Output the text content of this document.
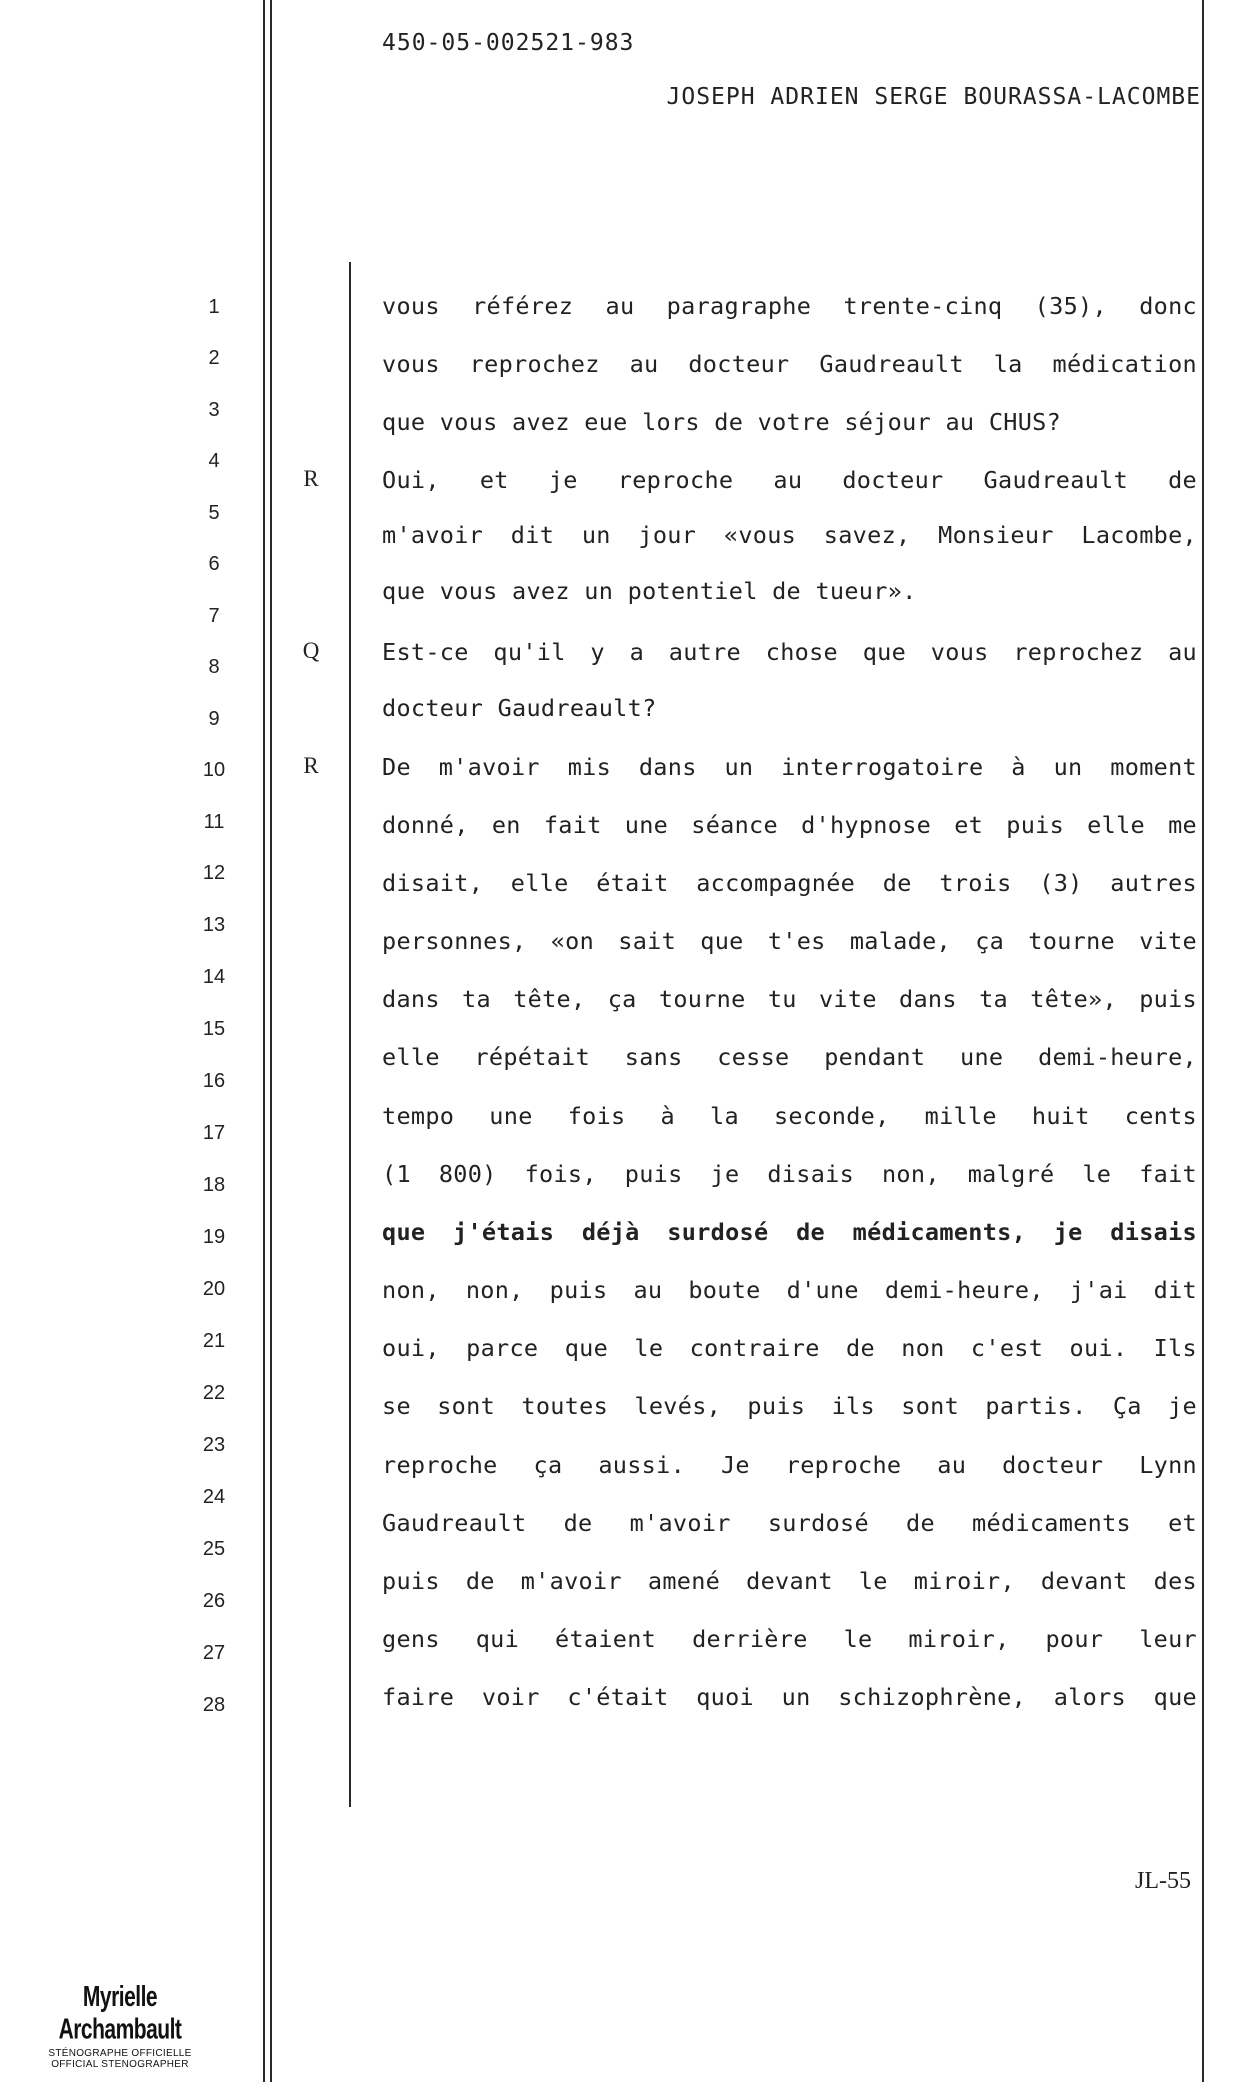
450-05-002521-983
JOSEPH ADRIEN SERGE BOURASSA-LACOMBE
1
2
3
4
5
6
7
8
9
10
11
12
13
14
15
16
17
18
19
20
21
22
23
24
25
26
27
28
R
Q
R
vous référez au paragraphe trente-cinq (35), donc
vous reprochez au docteur Gaudreault la médication
que vous avez eue lors de votre séjour au CHUS?
Oui, et je reproche au docteur Gaudreault de
m'avoir dit un jour «vous savez, Monsieur Lacombe,
que vous avez un potentiel de tueur».
Est-ce qu'il y a autre chose que vous reprochez au
docteur Gaudreault?
De m'avoir mis dans un interrogatoire à un moment
donné, en fait une séance d'hypnose et puis elle me
disait, elle était accompagnée de trois (3) autres
personnes, «on sait que t'es malade, ça tourne vite
dans ta tête, ça tourne tu vite dans ta tête», puis
elle répétait sans cesse pendant une demi-heure,
tempo une fois à la seconde, mille huit cents
(1 800) fois, puis je disais non, malgré le fait
que j'étais déjà surdosé de médicaments, je disais
non, non, puis au boute d'une demi-heure, j'ai dit
oui, parce que le contraire de non c'est oui. Ils
se sont toutes levés, puis ils sont partis. Ça je
reproche ça aussi. Je reproche au docteur Lynn
Gaudreault de m'avoir surdosé de médicaments et
puis de m'avoir amené devant le miroir, devant des
gens qui étaient derrière le miroir, pour leur
faire voir c'était quoi un schizophrène, alors que
JL-55
Myrielle Archambault
STÉNOGRAPHE OFFICIELLE
OFFICIAL STENOGRAPHER
